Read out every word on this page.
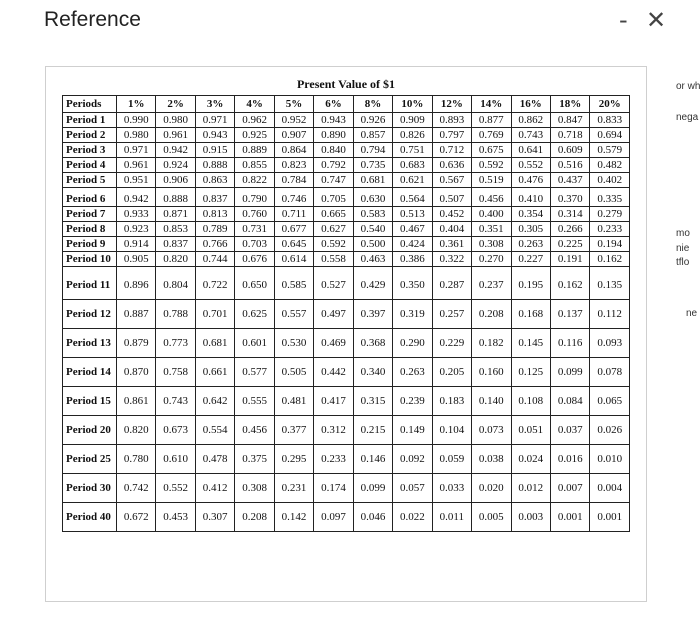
Reference	- ✕
or wh
nega
mo
nie
tflo
ne
Present Value of $1
Periods	1%	2%	3%	4%	5%	6%	8%	10%	12%	14%	16%	18%	20%
Period 1	0.990	0.980	0.971	0.962	0.952	0.943	0.926	0.909	0.893	0.877	0.862	0.847	0.833
Period 2	0.980	0.961	0.943	0.925	0.907	0.890	0.857	0.826	0.797	0.769	0.743	0.718	0.694
Period 3	0.971	0.942	0.915	0.889	0.864	0.840	0.794	0.751	0.712	0.675	0.641	0.609	0.579
Period 4	0.961	0.924	0.888	0.855	0.823	0.792	0.735	0.683	0.636	0.592	0.552	0.516	0.482
Period 5	0.951	0.906	0.863	0.822	0.784	0.747	0.681	0.621	0.567	0.519	0.476	0.437	0.402
Period 6	0.942	0.888	0.837	0.790	0.746	0.705	0.630	0.564	0.507	0.456	0.410	0.370	0.335
Period 7	0.933	0.871	0.813	0.760	0.711	0.665	0.583	0.513	0.452	0.400	0.354	0.314	0.279
Period 8	0.923	0.853	0.789	0.731	0.677	0.627	0.540	0.467	0.404	0.351	0.305	0.266	0.233
Period 9	0.914	0.837	0.766	0.703	0.645	0.592	0.500	0.424	0.361	0.308	0.263	0.225	0.194
Period 10	0.905	0.820	0.744	0.676	0.614	0.558	0.463	0.386	0.322	0.270	0.227	0.191	0.162
Period 11	0.896	0.804	0.722	0.650	0.585	0.527	0.429	0.350	0.287	0.237	0.195	0.162	0.135
Period 12	0.887	0.788	0.701	0.625	0.557	0.497	0.397	0.319	0.257	0.208	0.168	0.137	0.112
Period 13	0.879	0.773	0.681	0.601	0.530	0.469	0.368	0.290	0.229	0.182	0.145	0.116	0.093
Period 14	0.870	0.758	0.661	0.577	0.505	0.442	0.340	0.263	0.205	0.160	0.125	0.099	0.078
Period 15	0.861	0.743	0.642	0.555	0.481	0.417	0.315	0.239	0.183	0.140	0.108	0.084	0.065
Period 20	0.820	0.673	0.554	0.456	0.377	0.312	0.215	0.149	0.104	0.073	0.051	0.037	0.026
Period 25	0.780	0.610	0.478	0.375	0.295	0.233	0.146	0.092	0.059	0.038	0.024	0.016	0.010
Period 30	0.742	0.552	0.412	0.308	0.231	0.174	0.099	0.057	0.033	0.020	0.012	0.007	0.004
Period 40	0.672	0.453	0.307	0.208	0.142	0.097	0.046	0.022	0.011	0.005	0.003	0.001	0.001
